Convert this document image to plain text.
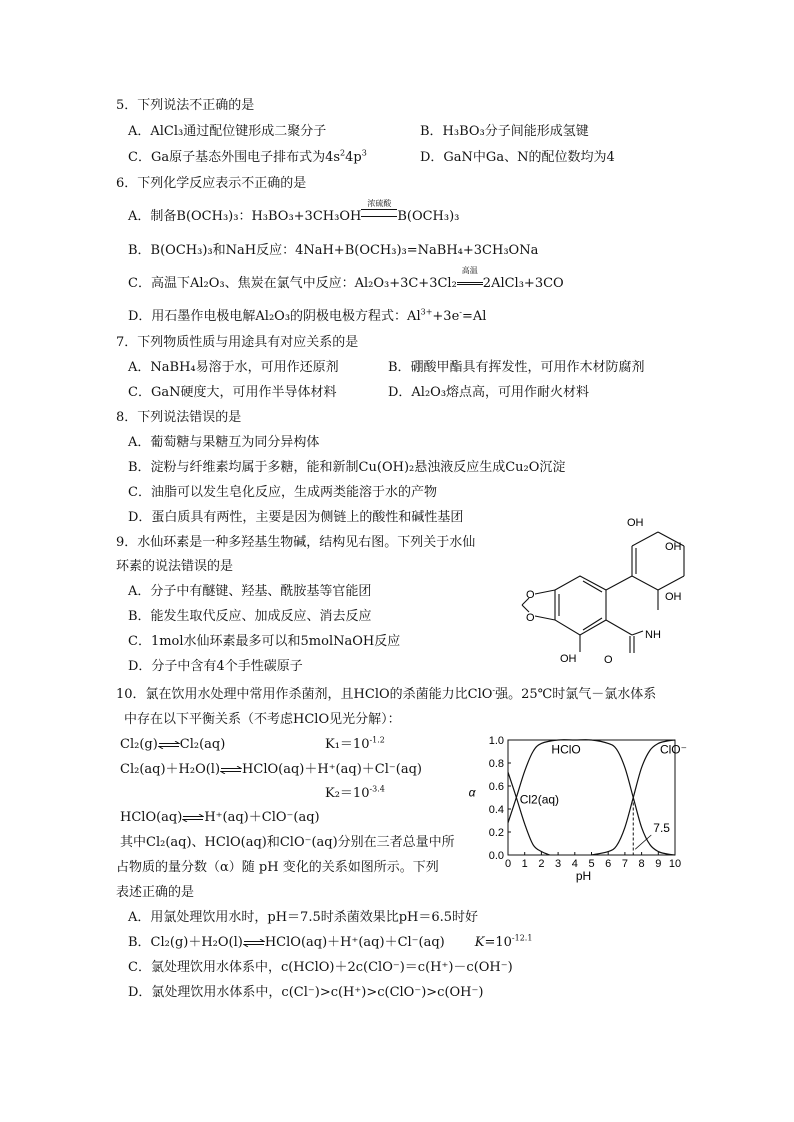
5．下列说法不正确的是
A．AlCl₃通过配位键形成二聚分子	B．H₃BO₃分子间能形成氢键
C．Ga原子基态外围电子排布式为$4s^24p^3$	D．GaN中Ga、N的配位数均为4
6．下列化学反应表示不正确的是
A．制备B(OCH₃)₃：H₃BO₃+3CH₃OH
浓硫酸
B(OCH₃)₃
B．B(OCH₃)₃和NaH反应：4NaH+B(OCH₃)₃=NaBH₄+3CH₃ONa
C．高温下Al₂O₃、焦炭在氯气中反应：Al₂O₃+3C+3Cl₂
高温
2AlCl₃+3CO
D．用石墨作电极电解Al₂O₃的阴极电极方程式：$Al^{3+}+3e^-=Al$
7．下列物质性质与用途具有对应关系的是
A．NaBH₄易溶于水，可用作还原剂	B．硼酸甲酯具有挥发性，可用作木材防腐剂
C．GaN硬度大，可用作半导体材料	D．Al₂O₃熔点高，可用作耐火材料
8．下列说法错误的是
A．葡萄糖与果糖互为同分异构体
B．淀粉与纤维素均属于多糖，能和新制Cu(OH)₂悬浊液反应生成Cu₂O沉淀
C．油脂可以发生皂化反应，生成两类能溶于水的产物
D．蛋白质具有两性，主要是因为侧链上的酸性和碱性基团
9．水仙环素是一种多羟基生物碱，结构见右图。下列关于水仙
环素的说法错误的是
A．分子中有醚键、羟基、酰胺基等官能团
B．能发生取代反应、加成反应、消去反应
C．1mol水仙环素最多可以和5molNaOH反应
D．分子中含有4个手性碳原子
OH
OH
OH
NH
OH	O
O
O
10．氯在饮用水处理中常用作杀菌剂，且HClO的杀菌能力比ClO-强。25℃时氯气－氯水体系
中存在以下平衡关系（不考虑HClO见光分解）：
Cl₂(g) Cl₂(aq)	$K_1=10^{-1.2}$
Cl₂(aq)＋H₂O(l) HClO(aq)＋H⁺(aq)＋Cl⁻(aq)
$K_2=10^{-3.4}$
HClO(aq) H⁺(aq)＋ClO⁻(aq)
其中Cl₂(aq)、HClO(aq)和ClO⁻(aq)分别在三者总量中所
占物质的量分数（α）随 pH 变化的关系如图所示。下列
表述正确的是
A．用氯处理饮用水时，pH＝7.5时杀菌效果比pH＝6.5时好
B．Cl₂(g)＋H₂O(l) HClO(aq)＋H⁺(aq)＋Cl⁻(aq) $K=10^{-12.1}$
C．氯处理饮用水体系中，c(HClO)＋2c(ClO⁻)＝c(H⁺)－c(OH⁻)
D．氯处理饮用水体系中，c(Cl⁻)>c(H⁺)>c(ClO⁻)>c(OH⁻)
0 1 2 3 4 5 6 7 8 9 10
0.0
0.2
0.4
0.6
0.8
1.0
pH
α
HClO	ClO⁻
Cl2(aq)
7.5
